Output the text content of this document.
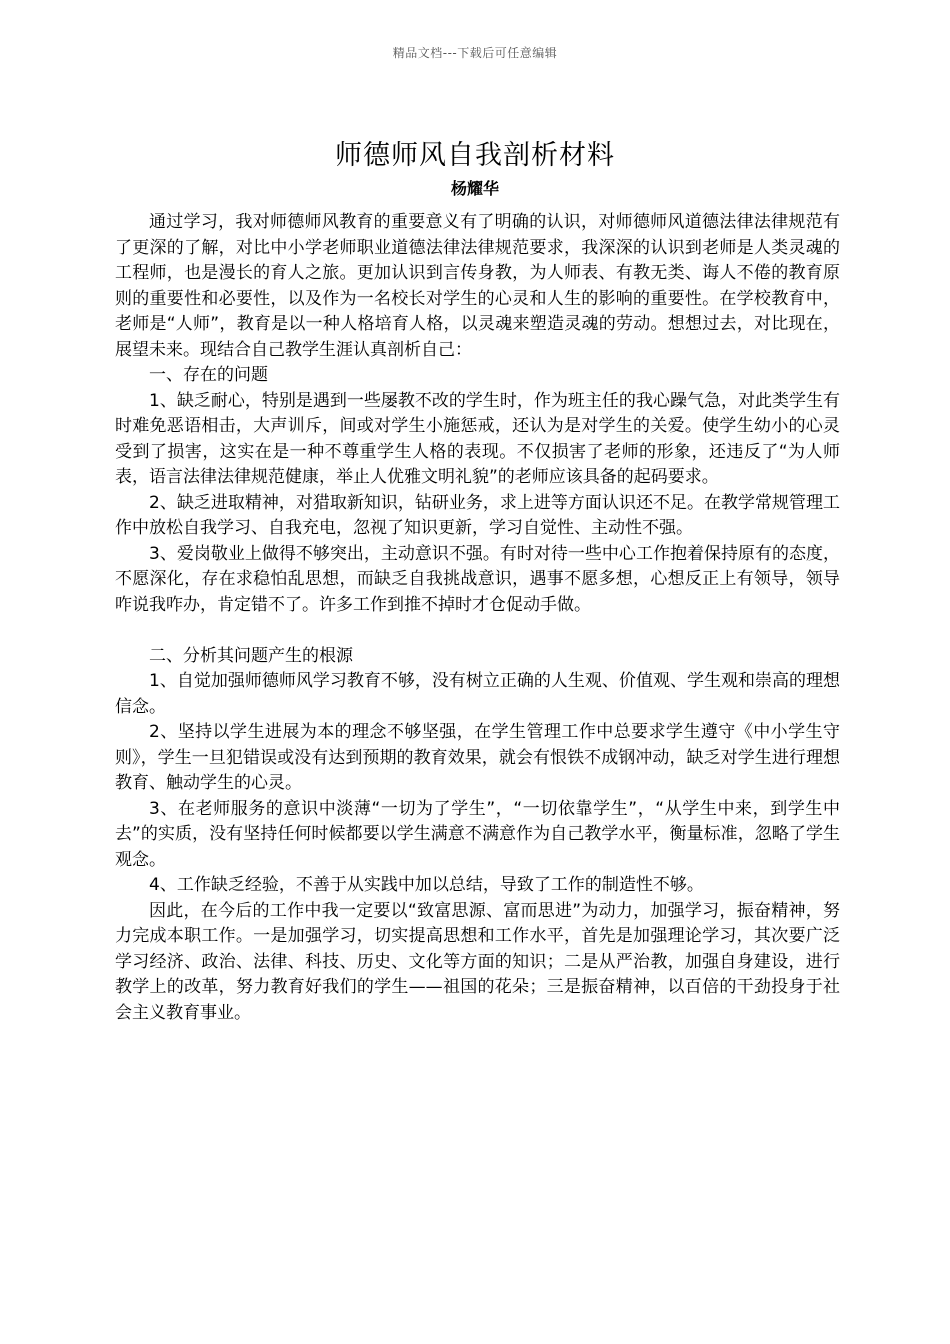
精品文档---下载后可任意编辑
师德师风自我剖析材料
杨耀华

通过学习，我对师德师风教育的重要意义有了明确的认识，对师德师风道德法律法律规范有了更深的了解，对比中小学老师职业道德法律法律规范要求，我深深的认识到老师是人类灵魂的工程师，也是漫长的育人之旅。更加认识到言传身教，为人师表、有教无类、诲人不倦的教育原则的重要性和必要性，以及作为一名校长对学生的心灵和人生的影响的重要性。在学校教育中，老师是“人师”，教育是以一种人格培育人格，以灵魂来塑造灵魂的劳动。想想过去，对比现在，展望未来。现结合自己教学生涯认真剖析自己：

一、存在的问题

1、缺乏耐心，特别是遇到一些屡教不改的学生时，作为班主任的我心躁气急，对此类学生有时难免恶语相击，大声训斥，间或对学生小施惩戒，还认为是对学生的关爱。使学生幼小的心灵受到了损害，这实在是一种不尊重学生人格的表现。不仅损害了老师的形象，还违反了“为人师表，语言法律法律规范健康，举止人优雅文明礼貌”的老师应该具备的起码要求。

2、缺乏进取精神，对猎取新知识，钻研业务，求上进等方面认识还不足。在教学常规管理工作中放松自我学习、自我充电，忽视了知识更新，学习自觉性、主动性不强。

3、爱岗敬业上做得不够突出，主动意识不强。有时对待一些中心工作抱着保持原有的态度，不愿深化，存在求稳怕乱思想，而缺乏自我挑战意识，遇事不愿多想，心想反正上有领导，领导咋说我咋办，肯定错不了。许多工作到推不掉时才仓促动手做。

二、分析其问题产生的根源

1、自觉加强师德师风学习教育不够，没有树立正确的人生观、价值观、学生观和崇高的理想信念。

2、坚持以学生进展为本的理念不够坚强，在学生管理工作中总要求学生遵守《中小学生守则》，学生一旦犯错误或没有达到预期的教育效果，就会有恨铁不成钢冲动，缺乏对学生进行理想教育、触动学生的心灵。

3、在老师服务的意识中淡薄“一切为了学生”，“一切依靠学生”，“从学生中来，到学生中去”的实质，没有坚持任何时候都要以学生满意不满意作为自己教学水平，衡量标准，忽略了学生观念。

4、工作缺乏经验，不善于从实践中加以总结，导致了工作的制造性不够。

因此，在今后的工作中我一定要以“致富思源、富而思进”为动力，加强学习，振奋精神，努力完成本职工作。一是加强学习，切实提高思想和工作水平，首先是加强理论学习，其次要广泛学习经济、政治、法律、科技、历史、文化等方面的知识；二是从严治教，加强自身建设，进行教学上的改革，努力教育好我们的学生——祖国的花朵；三是振奋精神，以百倍的干劲投身于社会主义教育事业。
